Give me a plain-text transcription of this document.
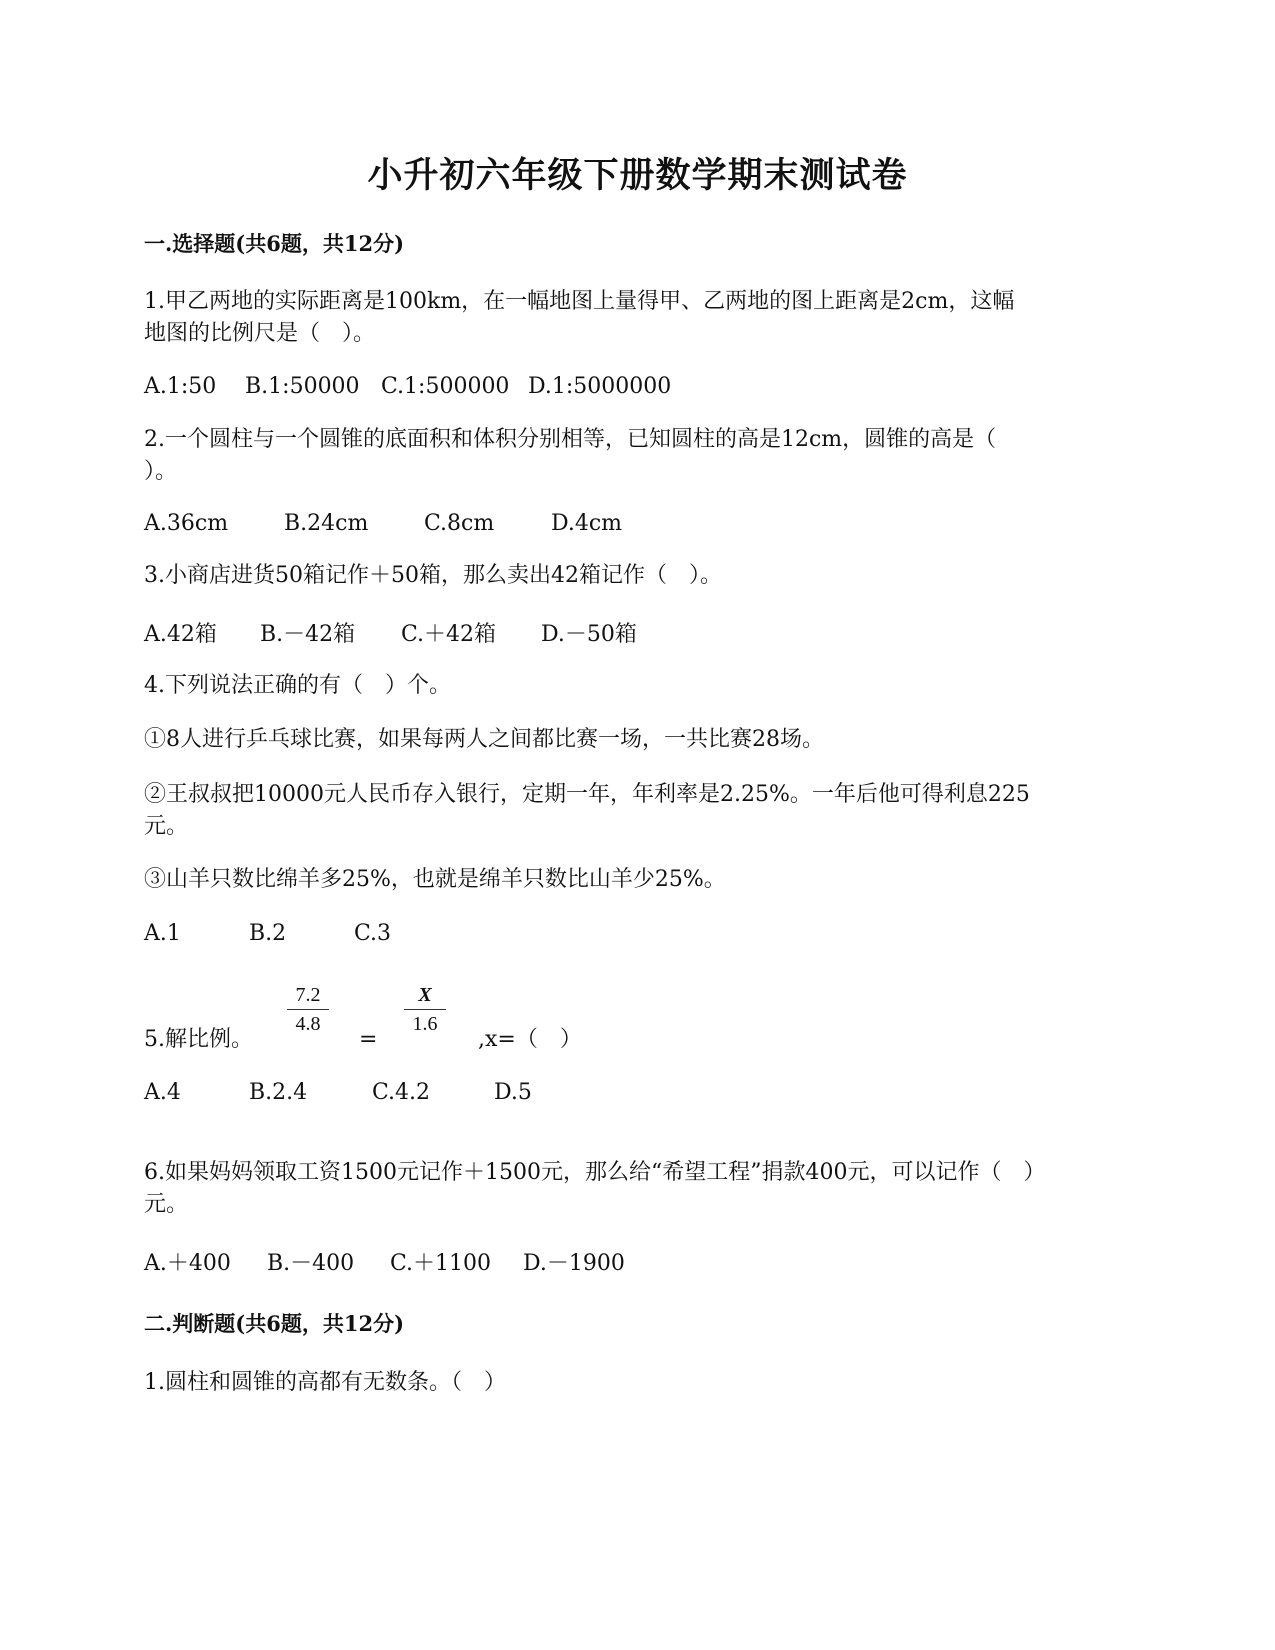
小升初六年级下册数学期末测试卷
一.选择题(共6题，共12分)
1.甲乙两地的实际距离是100km，在一幅地图上量得甲、乙两地的图上距离是2cm，这幅
地图的比例尺是（　）。
A.1:50 B.1:50000 C.1:500000 D.1:5000000
2.一个圆柱与一个圆锥的底面积和体积分别相等，已知圆柱的高是12cm，圆锥的高是（
）。
A.36cm	B.24cm	C.8cm	D.4cm
3.小商店进货50箱记作＋50箱，那么卖出42箱记作（　）。
A.42箱 B.－42箱 C.＋42箱 D.－50箱
4.下列说法正确的有（　）个。
①8人进行乒乓球比赛，如果每两人之间都比赛一场，一共比赛28场。
②王叔叔把10000元人民币存入银行，定期一年，年利率是2.25%。一年后他可得利息225
元。
③山羊只数比绵羊多25%，也就是绵羊只数比山羊少25%。
A.1	B.2	C.3
5.解比例。
7.2
4.8
=
X
1.6
,x=（　）
A.4	B.2.4	C.4.2	D.5
6.如果妈妈领取工资1500元记作＋1500元，那么给“希望工程”捐款400元，可以记作（　）
元。
A.＋400 B.－400 C.＋1100 D.－1900
二.判断题(共6题，共12分)
1.圆柱和圆锥的高都有无数条。（　）
